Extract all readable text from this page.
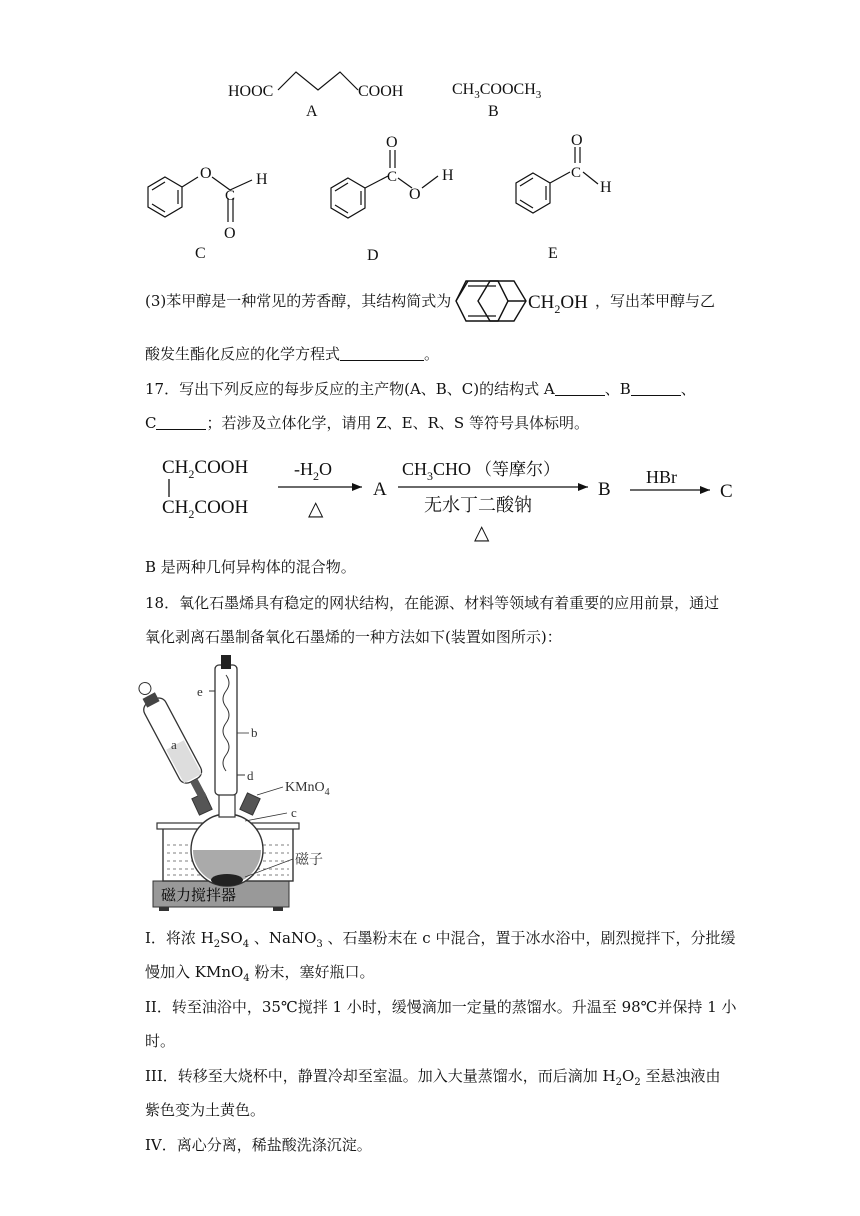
HOOC	COOH
A
$CH_3COOCH_3$
B
O	H
C
O
C
O
C
O
H
D
O
C
H
E
(3)苯甲醇是一种常见的芳香醇，其结构简式为	$CH_2OH$ ，写出苯甲醇与乙
酸发生酯化反应的化学方程式	。
17．写出下列反应的每步反应的主产物(A、B、C)的结构式 A	、B	、
C	；若涉及立体化学，请用 Z、E、R、S 等符号具体标明。
$CH_2COOH$
$CH_2COOH$
$-H_2O$
△
A
$CH_3CHO$ （等摩尔）
无水丁二酸钠
△
B
HBr
C
B 是两种几何异构体的混合物。
18．氧化石墨烯具有稳定的网状结构，在能源、材料等领域有着重要的应用前景，通过
氧化剥离石墨制备氧化石墨烯的一种方法如下(装置如图所示)：
磁力搅拌器
磁子
e
b
d
a
KMnO$_4$
c
I．将浓 $H_2SO_4$ 、NaNO$_3$ 、石墨粉末在 c 中混合，置于冰水浴中，剧烈搅拌下，分批缓
慢加入 KMnO$_4$ 粉末，塞好瓶口。
II．转至油浴中，35℃搅拌 1 小时，缓慢滴加一定量的蒸馏水。升温至 98℃并保持 1 小
时。
III．转移至大烧杯中，静置冷却至室温。加入大量蒸馏水，而后滴加 $H_2O_2$ 至悬浊液由
紫色变为土黄色。
IV．离心分离，稀盐酸洗涤沉淀。
